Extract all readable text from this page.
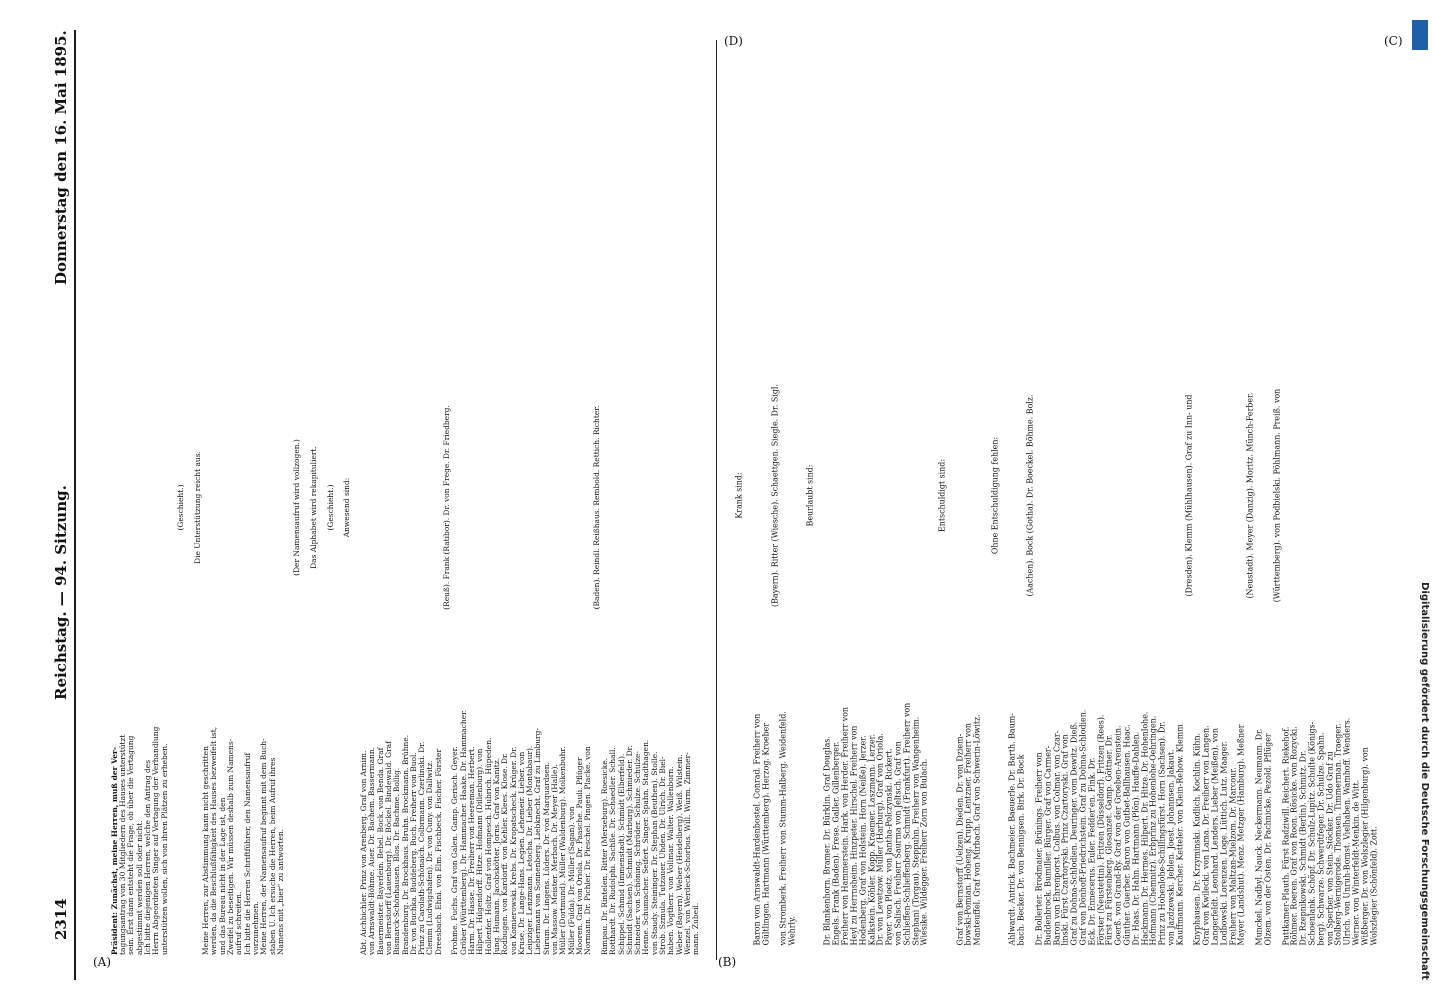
Präsident: Zunächst, meine Herren, muß der Ver- tagungsantrag von 30 Mitgliedern des Hauses unterstützt sein. Erst dann entsteht die Frage, ob über die Vertagung abgestimmt werden soll oder nicht. Ich bitte diejenigen Herren, welche den Antrag des Herrn Abgeordneten Singer auf Vertagung der Verhandlung unterstützen wollen, sich von ihren Plätzen zu erheben.
(Geschieht.) Die Unterstützung reicht aus.
Meine Herren, zur Abstimmung kann nicht geschritten werden, da die Beschlußfähigkeit des Hauses bezweifelt ist, und das Bureau nicht in der Lage ist, den Zweifel zu beseitigen. Wir müssen deshalb zum Namens- aufruf schreiten. Ich bitte die Herren Schriftführer, den Namensaufruf vorzunehmen. Meine Herren, der Namensaufruf beginnt mit dem Buch- staben U. Ich ersuche die Herren, beim Aufruf ihres Namens mit „hier“ zu antworten.
(Der Namensaufruf wird vollzogen.) Das Alphabet wird rekapituliert. (Geschieht.) Anwesend sind:
Abt. Aichbichler. Prinz von Arenberg. Graf von Arnim. von Arnswaldt-Böhme. Auer. Dr. Bachem. Bassermann. Bauermeister. Bayerlein. Bebel. Bock. von Benda. Graf von Bernstorff (Lauenburg). Dr. Böckel. Bindewald. Graf Bismarck-Schönhausen. Blos. Dr. Bachme. Bollig. Brandenburg. Dr. Brockhaus. Bruhn. Brockmann. Brühne. Dr. von Buchka. Buddeberg. Buch. Freiherr von Buol. Prinz zu Carolath-Schönaich. Colbrmann. Czerlinski. Dr. Clemm (Ludwigshafen). Dr. von Cuny. von Dallwitz. Dreesbach. Ehni. von Elm. Fischbeck. Fischer. Förster
(Reuß). Frank (Ratibor). Dr. von Frege. Dr. Friedberg.
Frohme. Fuchs. Graf von Galen. Gamp. Gerisch. Geyer. Gröber (Württemberg). Dr. Hammacher. Haake. Dr. Hammacher. Harm. Dr. Hasse. Dr. Freiherr von Heereman. Herbert. Hilpert. Hilgendorff. Hitze. Hofmann (Dillenburg). von Hollenfer. Holtz. Graf von Hompesch. Hubrich. Hüpeden. Jung. Humann. Jacobskötter. Jorns. Graf von Kanitz. Rodbugen. von Kardorff. von Kehler. Klees. Klose. Dr. von Komierowski. Krebs. Dr. Kropatscheck. Krüger. Dr. Kruse. Dr. Lange-Hans. Legien. Lehemeir. Lieber. von Leipziger. Lenzmann. Letocha. Dr. Lieber (Montabaur). Liebermann von Sonnenberg. Liebknecht. Graf zu Limburg- Stirum. Dr. Lingens. Lüders. Dr. von Marquardsen. von Massow. Meister. Merbach. Dr. Meyer (Halle). Müller (Dortmund). Müller (Waldenburg). Molkenbuhr. Müller (Fulda). Dr. Müller (Sagan). von Mooren. Graf von Oriola. Dr. Paasche. Pauli. Pflüger Normann. Dr. Pichler. Dr. Pieschel. Pingen. Placke. von
(Baden). Reindl. Reißhaus. Rembold. Rettich. Richter.
Rimpau. Dr. Rintelen. Ritter (Merseburg). Roesicke. Rotthardt. Dr. Rudolphi. Sachße. Dr. Schaedler. Schall. Schippel. Schmid (Immenstadt). Schmidt (Elberfeld). Schmidt (Sachsen). Schmidt (Marburg). Schmieder. Dr. Schneider. von Schöning. Schröder. Schulze. Schulze- Henne. Schumacher. Seifert. Singer. Spahn. Stadthagen. von Staudy. Steininger. Dr. Stephan (Beuthen). Stolle. Strob. Szmula. Tutzauer. Uhden. Dr. Ulrich. Dr. Biel- haben. Vogtherr. von Vollmar. Walter. Wallenborn. Weber (Bayern). Weber (Heidelberg). Weiß. Wilstein. Wenzel. von Werdeck-Schorbus. Will. Wurm. Zimmer- mann. Zubeil.
Krank sind:
Baron von Arnswaldt-Hardenbostel. Conrad. Freiherr von Gültlingen. Hartmann (Württemberg). Herzog. Kroeber
(Bayern). Ritter (Wiesche). Schaettgen. Siegle. Dr. Sigl.
von Stromberk. Freiherr von Stumm-Halberg. Weidenfeld. Wehrly.
Beurlaubt sind:
Dr. Blankenhorn. Bramer. Dr. Bürklin. Graf Douglas. Engels. Frank (Baden). Frese. Galler. Gillenberger. Freiherr von Hammerstein. Hark. von Herder. Freiherr von Heyl zu Herrnsheim. Hinzpeter. Hirschel. Freiherr von Hodenberg. Graf von Holstein. Horn (Neiße). Jerzer. Kalkstein. Köhler. Kopp. Kraemer. Laszmann. Lerzer. Dr. von Levetzow. Müller (Harburg). Graf von Oriola. Payer. von Ploetz. von Jantha-Polczynski. Rickert. von Salisch. Freiherr Saurma von Jeltsch. Graf von Schlieffen-Schlieffenberg. Schmidt (Frankfurt). Freiherr von Stephani (Torgau). Steppuhn. Freiherr von Wangenheim. Wiesike. Wildegger. Freiherr Zorn von Bulach.
Entschuldigt sind:
Graf von Bernstorff (Uelzen). Dieden. Dr. von Dziem- bowski-Pomian. Hoheng. Krupp. Lentzner. Freiherr von Manteuffel. Graf von Mirbach. Graf von Schwerin-Löwitz.
Ohne Entschuldigung fehlen:
Ahlwardt. Antrick. Bachmeier. Baeuerle. Dr. Barth. Baum- bach. Becker. Dr. von Bennigsen. Birk. Dr. Bock
(Aachen). Bock (Gotha). Dr. Boeckel. Böhme. Bolz.
Dr. Bollerter. Brodmaier. Brünings. Freiherr von Buddenbrock. Bumiller. Bürger. Graf von Carmer- Baron von Ehrenporst. Colbus. von Colmar. von Czar- linski. Fürst Czartoryski. Prinz Czartoryski. Graf von Graf zu Dohna-Schlodien. Deuringer. vom Dewitz. Dieß. Graf von Dönhoff-Friedrichstein. Graf zu Dohna-Schlodien. Eck. Dr. Ennecerus. Euler. Fedder'en. Fink. Dr. Förster (Neustettin). Fritzen (Düsseldorf). Fritzen (Rees). Fürst zu Fürstenberg. Glosanzet. Gamp. Göttner. Dr. Goerß. von Grand-Ry. Graf von der Groeben-Arenstein. Günther. Guerber. Baron von Gutbet-Ballhausen. Haac. Dr. Haas. Dr. Hahn. Hartmann (Plön). Hauffe-Dahlen. Hackmann. Dr. Hermes. Hilpert. Dr. Hitze. Dr. Hohenlohe. Hofmann (Chemnitz). Erbprinz zu Hohenlohe-Oehringen. Prinz zu Hohenlohe-Schillingsfürst. Horn (Sachsen). Dr. von Jazdzewski. Jeblen. Joest. Johannsen. Jakaut. Kauffmann. Kercher. Ketteler. von Klein-Rehow. Klemm
(Dresden). Klemm (Mühlhausen). Graf zu Inn- und
Knyphausen. Dr. Krzyminski. Kudlich. Kochlin. Kühn. Graf von Kwilecki. von Lama. Dr. Freiherr von Langen. Langerfeldt. Leonhard. Lenders. Lieber (Meißen). von Lodbowski. Lorenzen. Loge. Lüttich. Lutz. Maager. Freiherr von Maltzan-Mielzom. Dr. Marcour. Mayer (Landshut). Menz. Metzger (Hamburg). Meßner
(Neustadt). Meyer (Danzig). Moritz. Münch-Ferber.
Munckel. Nadbyl. Nauck. Neckermann. Neumann. Dr. Olzem. von der Osten. Dr. Pachnicke. Pezold. Pflüger
(Württemberg). von Podbielski. Pöhlmann. Preiß. von
Puttkamer-Plauth. Fürst Radziwill. Reichert. Riekehof. Röhmer. Roeren. Graf von Roon. Rösicke. von Rozycki. Dr. Rzepnikowski. Schmidt (Berlin). Schmitz. Dr. Schoenlank. Schöpf. Dr. Schulz-Lupitz. Schulte (Königs- berg). Schwarze. Schwerdtfeger. Dr. Schulze. Spahn. von Sperber. von Stein. Stöcker. Dr. Udo Graf zu Stolberg-Wernigerode. Thomsen. Timmerman. Traeger. Ulrich. von Unruh-Bomst. Vielhaben. Wamhoff. Wenders. Werner. von Winterfeldt-Menkin. de Witt. Wißberger. Dr. von Wolszlegier (Hilgenburg). von Wolszlegier (Schönfeld). Zott.
(A)	(B)
(C)
(D)
Digitalisierung gefördert durch die Deutsche Forschungsgemeinschaft
2314
Reichstag. — 94. Sitzung.
Donnerstag den 16. Mai 1895.
